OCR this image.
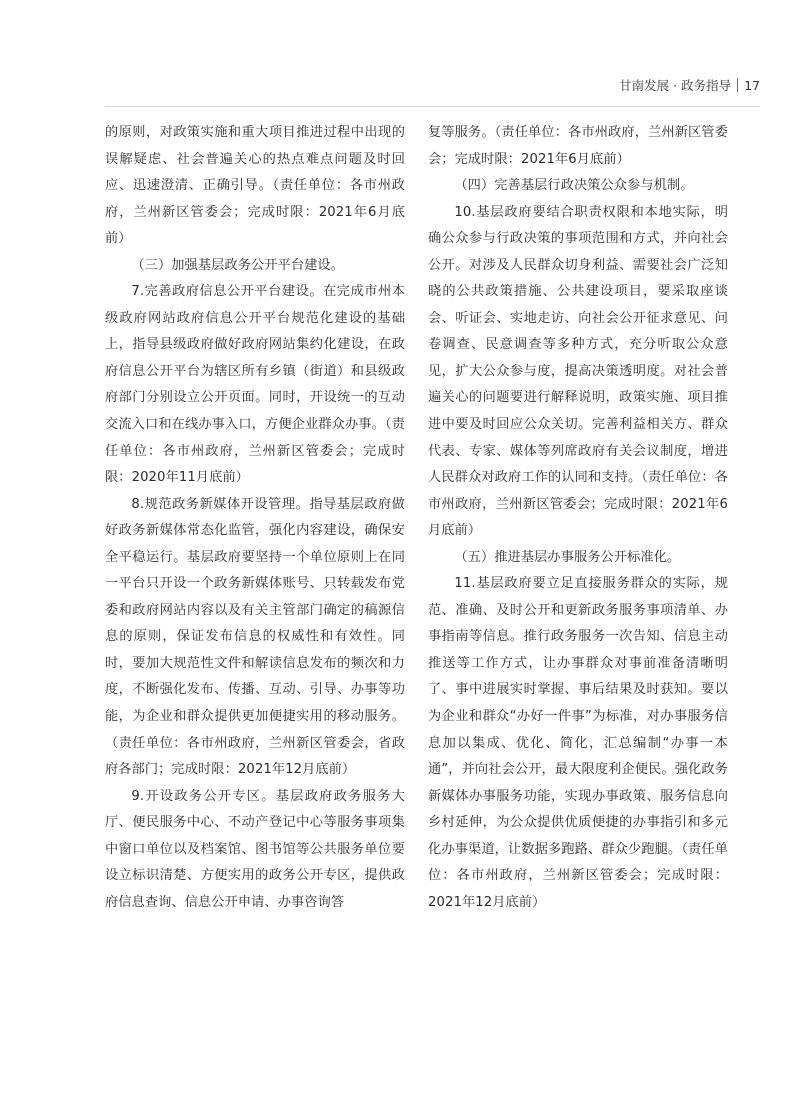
甘南发展 · 政务指导 17

的原则，对政策实施和重大项目推进过程中出现的误解疑虑、社会普遍关心的热点难点问题及时回应、迅速澄清、正确引导。（责任单位：各市州政府，兰州新区管委会；完成时限：2021年6月底前）

（三）加强基层政务公开平台建设。

7.完善政府信息公开平台建设。在完成市州本级政府网站政府信息公开平台规范化建设的基础上，指导县级政府做好政府网站集约化建设，在政府信息公开平台为辖区所有乡镇（街道）和县级政府部门分别设立公开页面。同时，开设统一的互动交流入口和在线办事入口，方便企业群众办事。（责任单位：各市州政府，兰州新区管委会；完成时限：2020年11月底前）

8.规范政务新媒体开设管理。指导基层政府做好政务新媒体常态化监管，强化内容建设，确保安全平稳运行。基层政府要坚持一个单位原则上在同一平台只开设一个政务新媒体账号、只转载发布党委和政府网站内容以及有关主管部门确定的稿源信息的原则，保证发布信息的权威性和有效性。同时，要加大规范性文件和解读信息发布的频次和力度，不断强化发布、传播、互动、引导、办事等功能，为企业和群众提供更加便捷实用的移动服务。（责任单位：各市州政府，兰州新区管委会，省政府各部门；完成时限：2021年12月底前）

9.开设政务公开专区。基层政府政务服务大厅、便民服务中心、不动产登记中心等服务事项集中窗口单位以及档案馆、图书馆等公共服务单位要设立标识清楚、方便实用的政务公开专区，提供政府信息查询、信息公开申请、办事咨询答

复等服务。（责任单位：各市州政府，兰州新区管委会；完成时限：2021年6月底前）

（四）完善基层行政决策公众参与机制。

10.基层政府要结合职责权限和本地实际，明确公众参与行政决策的事项范围和方式，并向社会公开。对涉及人民群众切身利益、需要社会广泛知晓的公共政策措施、公共建设项目，要采取座谈会、听证会、实地走访、向社会公开征求意见、问卷调查、民意调查等多种方式，充分听取公众意见，扩大公众参与度，提高决策透明度。对社会普遍关心的问题要进行解释说明，政策实施、项目推进中要及时回应公众关切。完善利益相关方、群众代表、专家、媒体等列席政府有关会议制度，增进人民群众对政府工作的认同和支持。（责任单位：各市州政府，兰州新区管委会；完成时限：2021年6月底前）

（五）推进基层办事服务公开标准化。

11.基层政府要立足直接服务群众的实际，规范、准确、及时公开和更新政务服务事项清单、办事指南等信息。推行政务服务一次告知、信息主动推送等工作方式，让办事群众对事前准备清晰明了、事中进展实时掌握、事后结果及时获知。要以为企业和群众“办好一件事”为标准，对办事服务信息加以集成、优化、简化，汇总编制“办事一本通”，并向社会公开，最大限度利企便民。强化政务新媒体办事服务功能，实现办事政策、服务信息向乡村延伸，为公众提供优质便捷的办事指引和多元化办事渠道，让数据多跑路、群众少跑腿。（责任单位：各市州政府，兰州新区管委会；完成时限：2021年12月底前）
